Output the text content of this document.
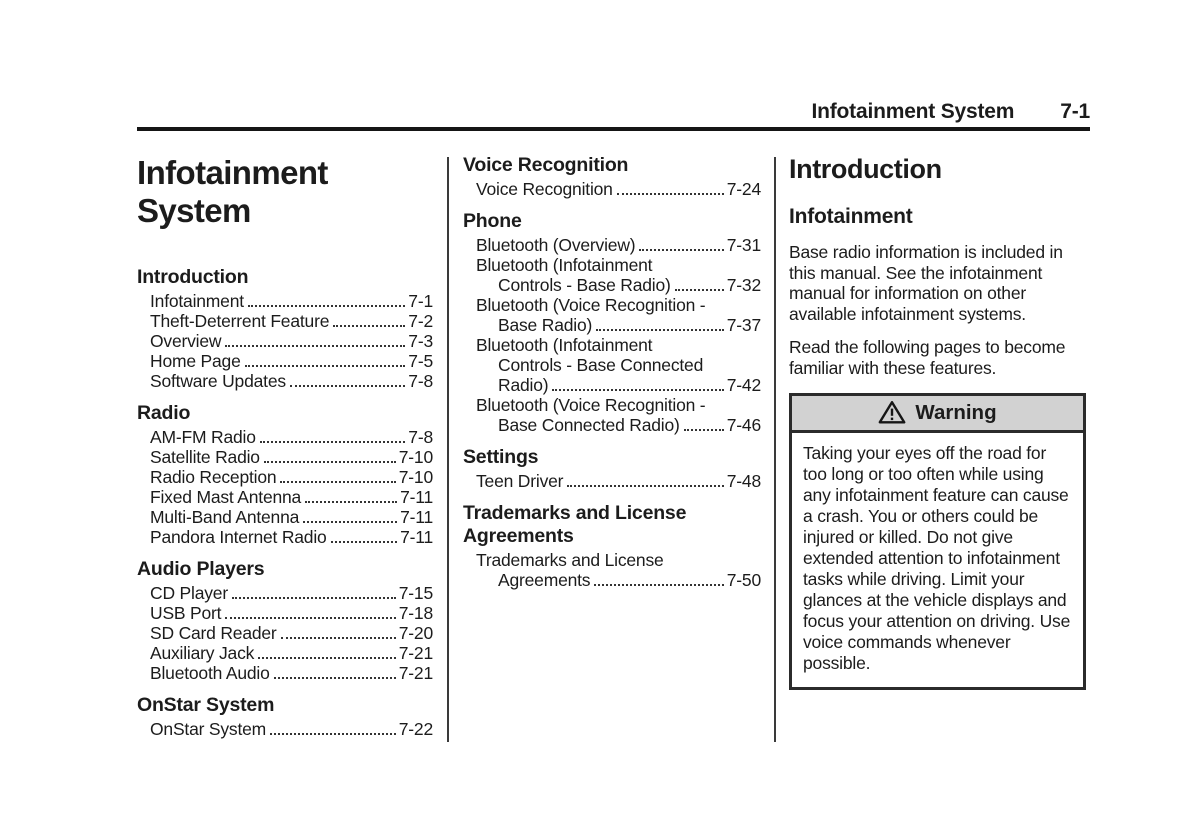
Infotainment System 7-1
Infotainment
System
Introduction
Infotainment	7-1
Theft-Deterrent Feature	7-2
Overview	7-3
Home Page	7-5
Software Updates	7-8
Radio
AM-FM Radio	7-8
Satellite Radio	7-10
Radio Reception	7-10
Fixed Mast Antenna	7-11
Multi-Band Antenna	7-11
Pandora Internet Radio	7-11
Audio Players
CD Player	7-15
USB Port	7-18
SD Card Reader	7-20
Auxiliary Jack	7-21
Bluetooth Audio	7-21
OnStar System
OnStar System	7-22
Voice Recognition
Voice Recognition	7-24
Phone
Bluetooth (Overview)	7-31
Bluetooth (Infotainment
Controls - Base Radio)	7-32
Bluetooth (Voice Recognition -
Base Radio)	7-37
Bluetooth (Infotainment
Controls - Base Connected
Radio)	7-42
Bluetooth (Voice Recognition -
Base Connected Radio)	7-46
Settings
Teen Driver	7-48
Trademarks and License
Agreements
Trademarks and License
Agreements	7-50
Introduction
Infotainment
Base radio information is included in this manual. See the infotainment manual for information on other available infotainment systems.
Read the following pages to become familiar with these features.
Warning
Taking your eyes off the road for too long or too often while using any infotainment feature can cause a crash. You or others could be injured or killed. Do not give extended attention to infotainment tasks while driving. Limit your glances at the vehicle displays and focus your attention on driving. Use voice commands whenever possible.
